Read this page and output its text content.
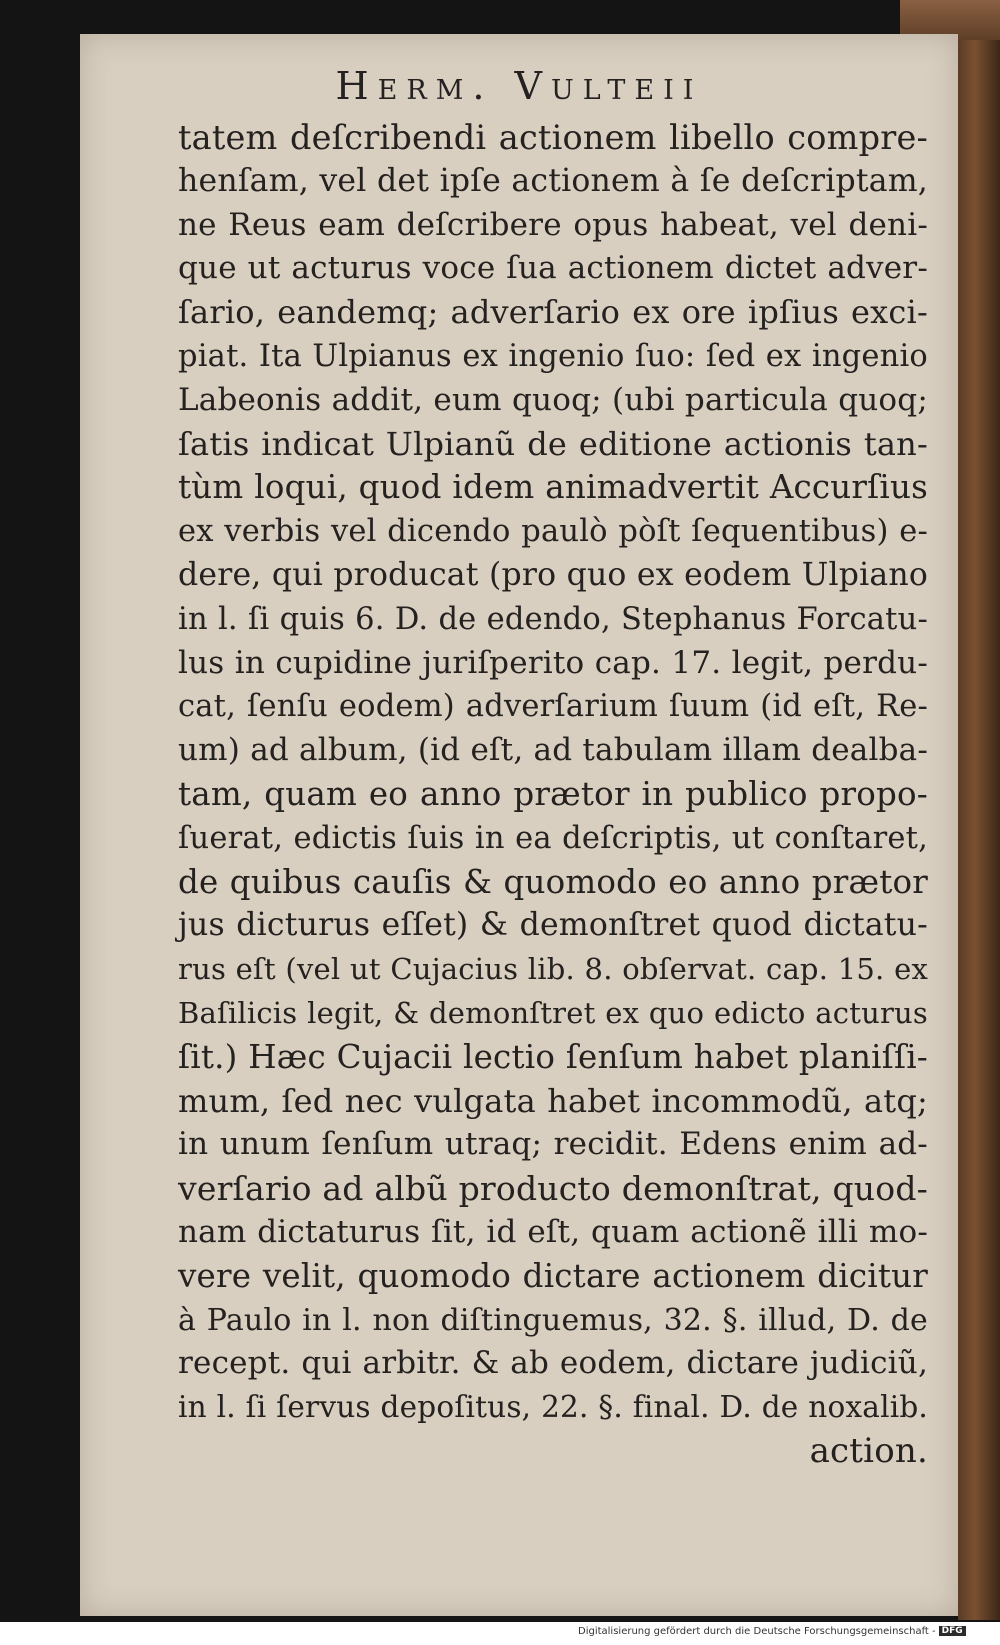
Herm. Vulteii
tatem deſcribendi actionem libello compre-
henſam, vel det ipſe actionem à ſe deſcriptam,
ne Reus eam deſcribere opus habeat, vel deni-
que ut acturus voce ſua actionem dictet adver-
ſario, eandemq; adverſario ex ore ipſius exci-
piat. Ita Ulpianus ex ingenio ſuo: ſed ex ingenio
Labeonis addit, eum quoq; (ubi particula quoq;
ſatis indicat Ulpianũ de editione actionis tan-
tùm loqui, quod idem animadvertit Accurſius
ex verbis vel dicendo paulò pòſt ſequentibus) e-
dere, qui producat (pro quo ex eodem Ulpiano
in l. ſi quis 6. D. de edendo, Stephanus Forcatu-
lus in cupidine juriſperito cap. 17. legit, perdu-
cat, ſenſu eodem) adverſarium ſuum (id eſt, Re-
um) ad album, (id eſt, ad tabulam illam dealba-
tam, quam eo anno prætor in publico propo-
ſuerat, edictis ſuis in ea deſcriptis, ut conſtaret,
de quibus cauſis & quomodo eo anno prætor
jus dicturus eſſet) & demonſtret quod dictatu-
rus eſt (vel ut Cujacius lib. 8. obſervat. cap. 15. ex
Baſilicis legit, & demonſtret ex quo edicto acturus
ſit.) Hæc Cujacii lectio ſenſum habet planiſſi-
mum, ſed nec vulgata habet incommodũ, atq;
in unum ſenſum utraq; recidit. Edens enim ad-
verſario ad albũ producto demonſtrat, quod-
nam dictaturus ſit, id eſt, quam actionẽ illi mo-
vere velit, quomodo dictare actionem dicitur
à Paulo in l. non diſtinguemus, 32. §. illud, D. de
recept. qui arbitr. & ab eodem, dictare judiciũ,
in l. ſi ſervus depoſitus, 22. §. final. D. de noxalib.
action.
Digitalisierung gefördert durch die Deutsche Forschungsgemeinschaft - DFG
